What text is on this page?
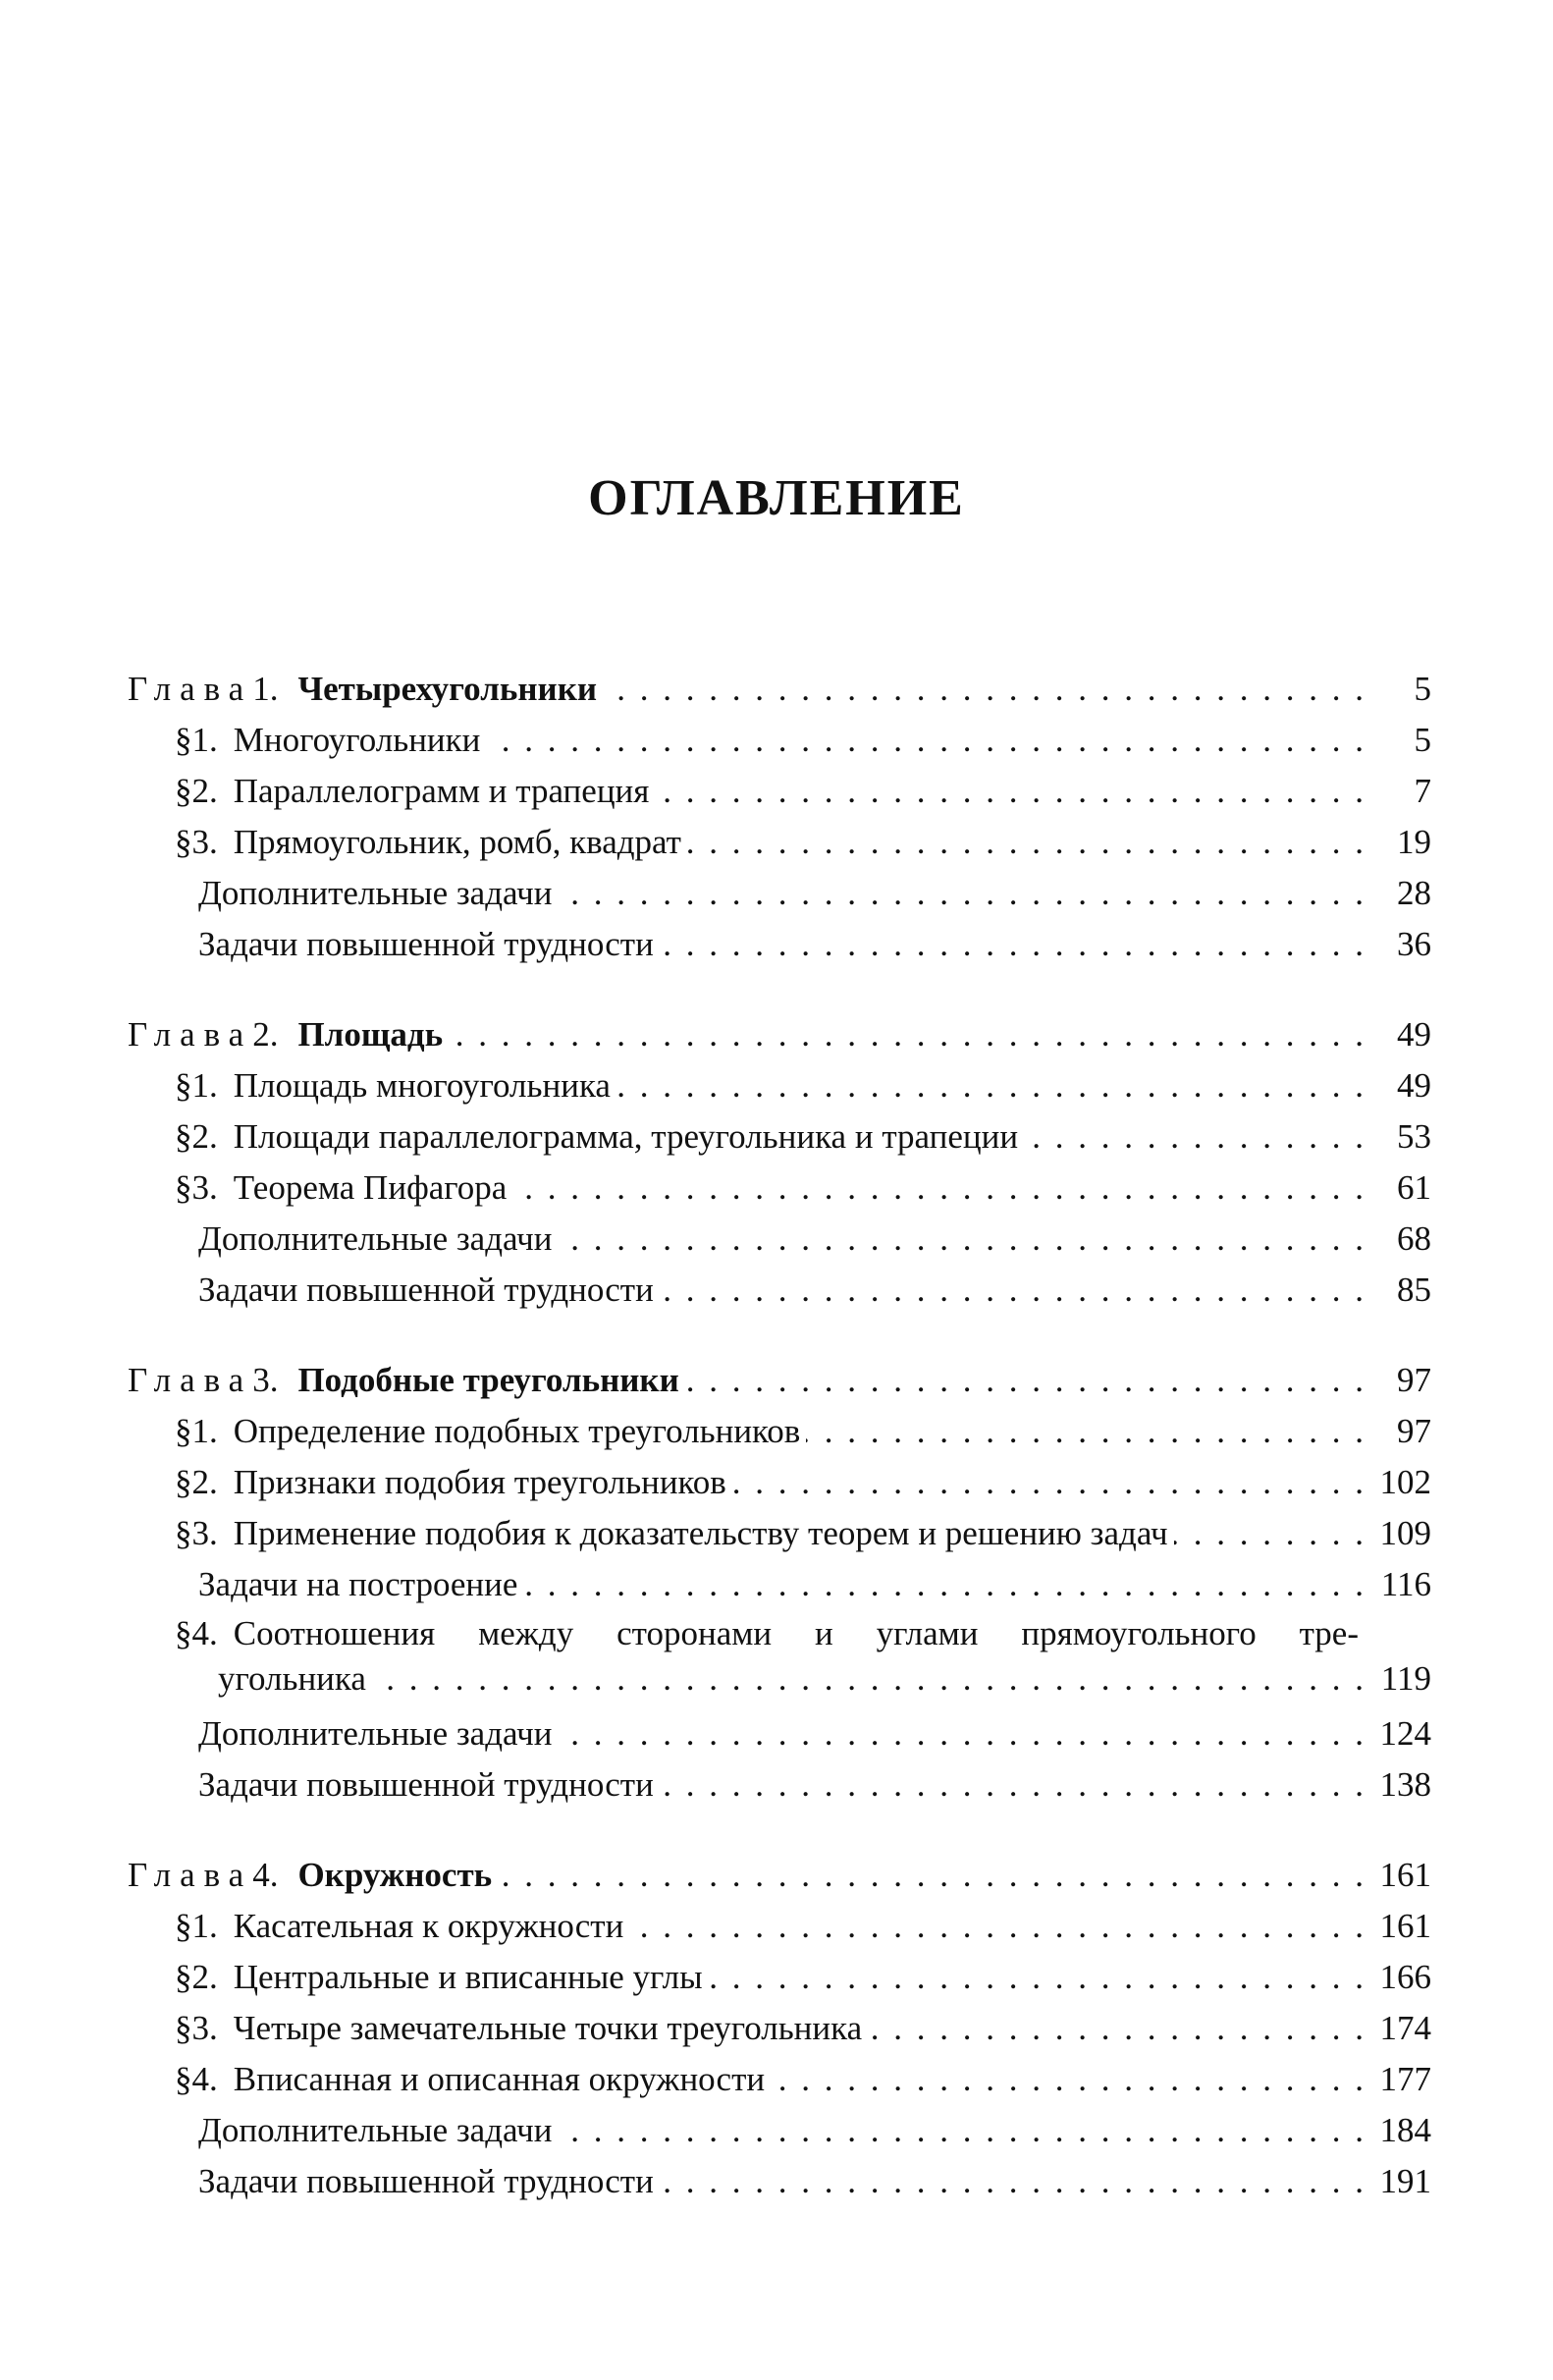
ОГЛАВЛЕНИЕ
Глава 1. Четырехугольники . . .	5
§1. Многоугольники . . .	5
§2. Параллелограмм и трапеция . . .	7
§3. Прямоугольник, ромб, квадрат . . .	19
Дополнительные задачи . . .	28
Задачи повышенной трудности . . .	36
Глава 2. Площадь . . .	49
§1. Площадь многоугольника . . .	49
§2. Площади параллелограмма, треугольника и трапеции . . .	53
§3. Теорема Пифагора . . .	61
Дополнительные задачи . . .	68
Задачи повышенной трудности . . .	85
Глава 3. Подобные треугольники . . .	97
§1. Определение подобных треугольников . . .	97
§2. Признаки подобия треугольников . . .	102
§3. Применение подобия к доказательству теорем и решению задач . . .	109
Задачи на построение . . .	116
§4. Соотношения между сторонами и углами прямоугольного тре-
угольника . . .	119
Дополнительные задачи . . .	124
Задачи повышенной трудности . . .	138
Глава 4. Окружность . . .	161
§1. Касательная к окружности . . .	161
§2. Центральные и вписанные углы . . .	166
§3. Четыре замечательные точки треугольника . . .	174
§4. Вписанная и описанная окружности . . .	177
Дополнительные задачи . . .	184
Задачи повышенной трудности . . .	191
